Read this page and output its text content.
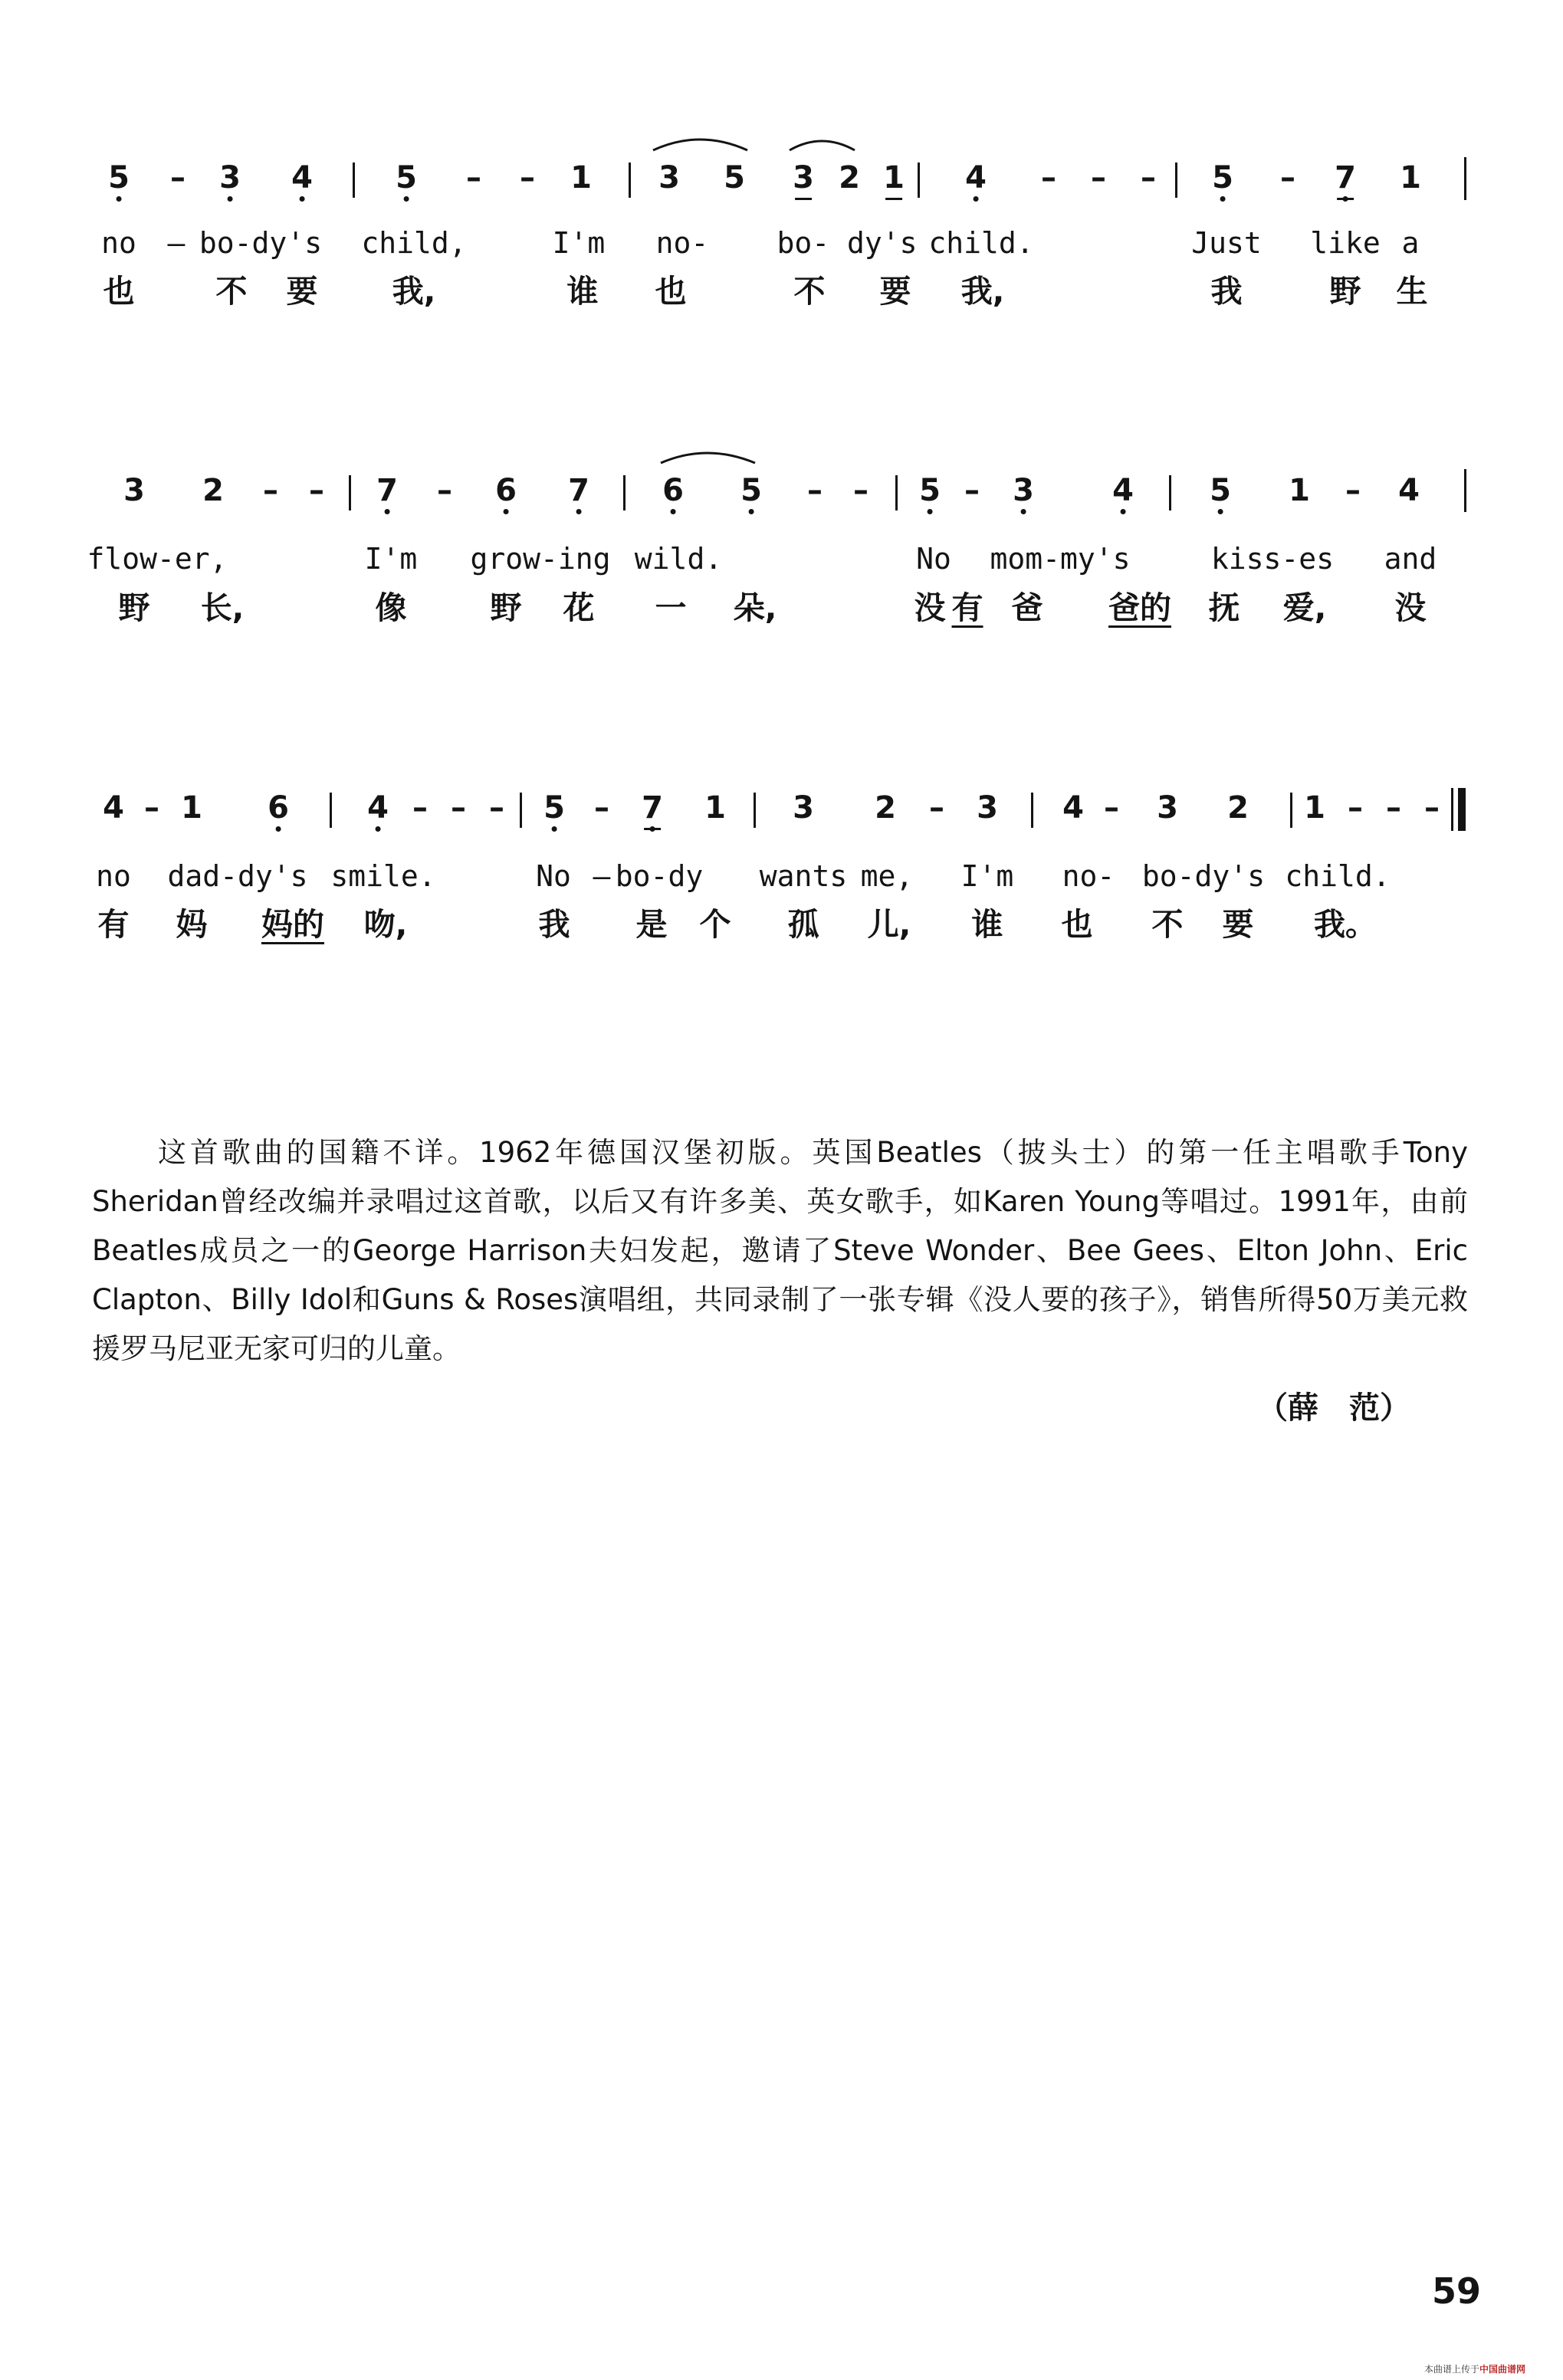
5 – 3 4	5 – – 1 3 5 3 2 1 4 – – – 5 – 7 1
no – bo-dy's child,	I'm no- bo- dy's child.	Just like a
也	不 要 我,	谁 也	不 要 我,	我	野 生
3 2 – – 7 – 6 7 6 5 – – 5 – 3	4 5 1 – 4
flow-er,	I'm grow-ing wild.	No mom-my's	kiss-es and
野 长,	像	野 花 一 朵,	没 有 爸 爸的 抚 爱, 没
4 – 1 6	4 – – – 5 – 7 1 3 2 – 3 4 – 3 2 1 – – –
no dad-dy's smile.	No – bo-dy wants me, I'm no- bo-dy's child.
有 妈 妈的 吻,	我 是 个 孤 儿, 谁 也 不 要 我。

这首歌曲的国籍不详。1962年德国汉堡初版。英国Beatles（披头士）的第一任主唱歌手Tony Sheridan曾经改编并录唱过这首歌，以后又有许多美、英女歌手，如Karen Young等唱过。1991年，由前Beatles成员之一的George Harrison夫妇发起，邀请了Steve Wonder、Bee Gees、Elton John、Eric Clapton、Billy Idol和Guns & Roses演唱组，共同录制了一张专辑《没人要的孩子》，销售所得50万美元救援罗马尼亚无家可归的儿童。

（薛　范）
59
本曲谱上传于中国曲谱网
